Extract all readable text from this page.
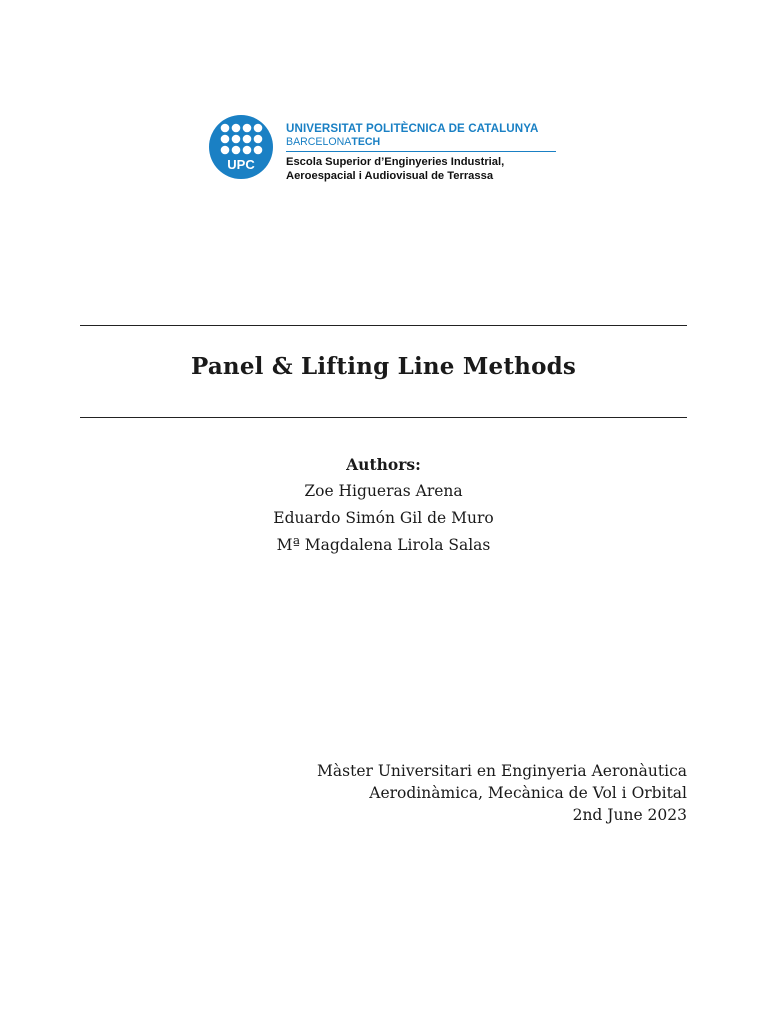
UPC
UNIVERSITAT POLITÈCNICA DE CATALUNYA
BARCELONATECH
Escola Superior d’Enginyeries Industrial,
Aeroespacial i Audiovisual de Terrassa
Panel & Lifting Line Methods
Authors:
Zoe Higueras Arena
Eduardo Simón Gil de Muro
Mª Magdalena Lirola Salas
Màster Universitari en Enginyeria Aeronàutica
Aerodinàmica, Mecànica de Vol i Orbital
2nd June 2023
